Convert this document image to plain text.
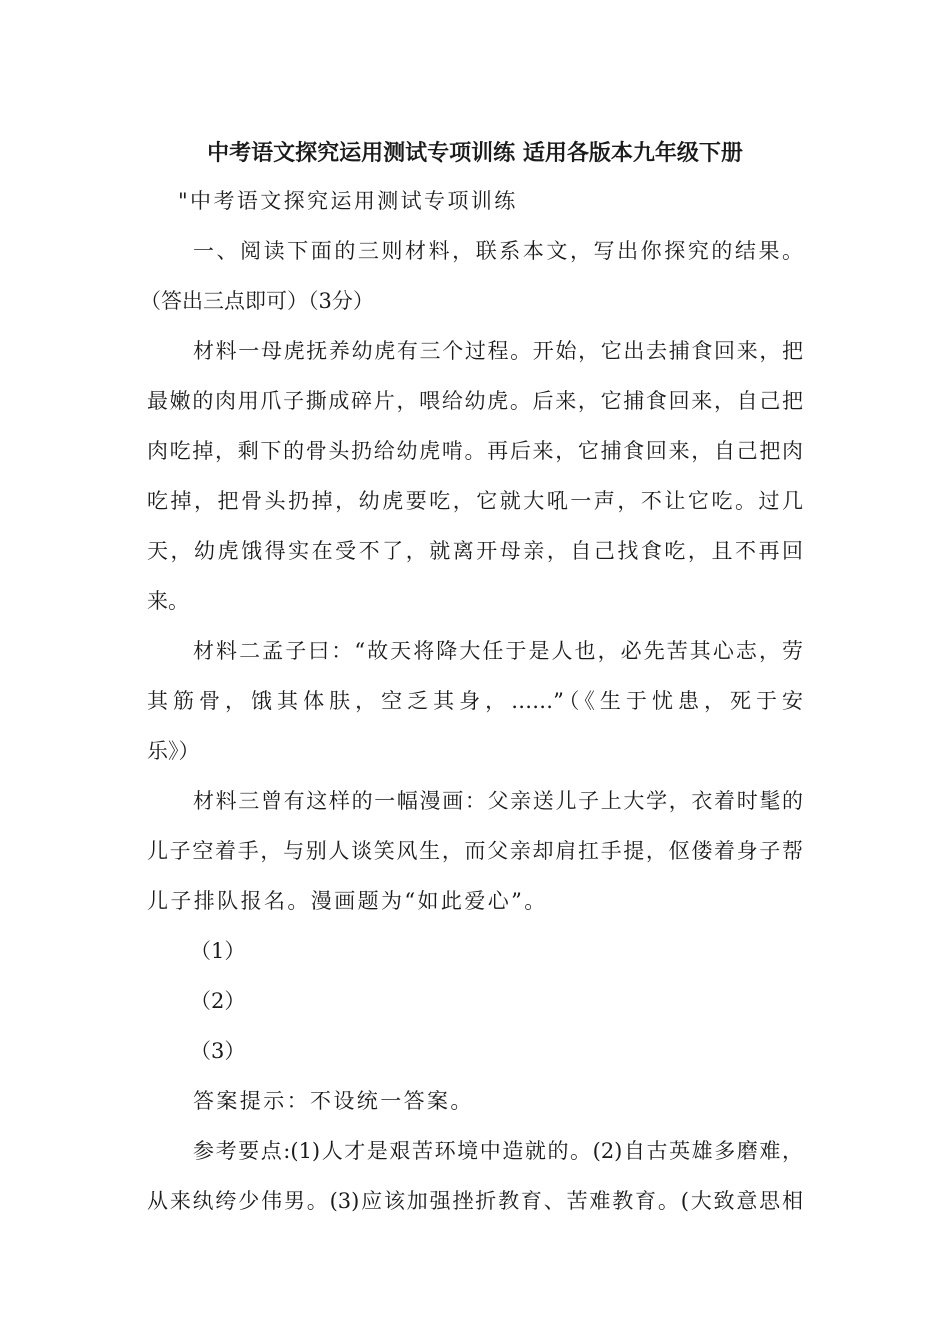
中考语文探究运用测试专项训练 适用各版本九年级下册
"中考语文探究运用测试专项训练
一、阅读下面的三则材料，联系本文，写出你探究的结果。
（答出三点即可）（3分）
材料一母虎抚养幼虎有三个过程。开始，它出去捕食回来，把
最嫩的肉用爪子撕成碎片，喂给幼虎。后来，它捕食回来，自己把
肉吃掉，剩下的骨头扔给幼虎啃。再后来，它捕食回来，自己把肉
吃掉，把骨头扔掉，幼虎要吃，它就大吼一声，不让它吃。过几
天，幼虎饿得实在受不了，就离开母亲，自己找食吃，且不再回
来。
材料二孟子曰：“故天将降大任于是人也，必先苦其心志，劳
其筋骨，饿其体肤，空乏其身，……”（《生于忧患，死于安
乐》）
材料三曾有这样的一幅漫画：父亲送儿子上大学，衣着时髦的
儿子空着手，与别人谈笑风生，而父亲却肩扛手提，伛偻着身子帮
儿子排队报名。漫画题为“如此爱心”。
（1）
（2）
（3）
答案提示：不设统一答案。
参考要点:(1)人才是艰苦环境中造就的。(2)自古英雄多磨难，
从来纨绔少伟男。(3)应该加强挫折教育、苦难教育。(大致意思相
